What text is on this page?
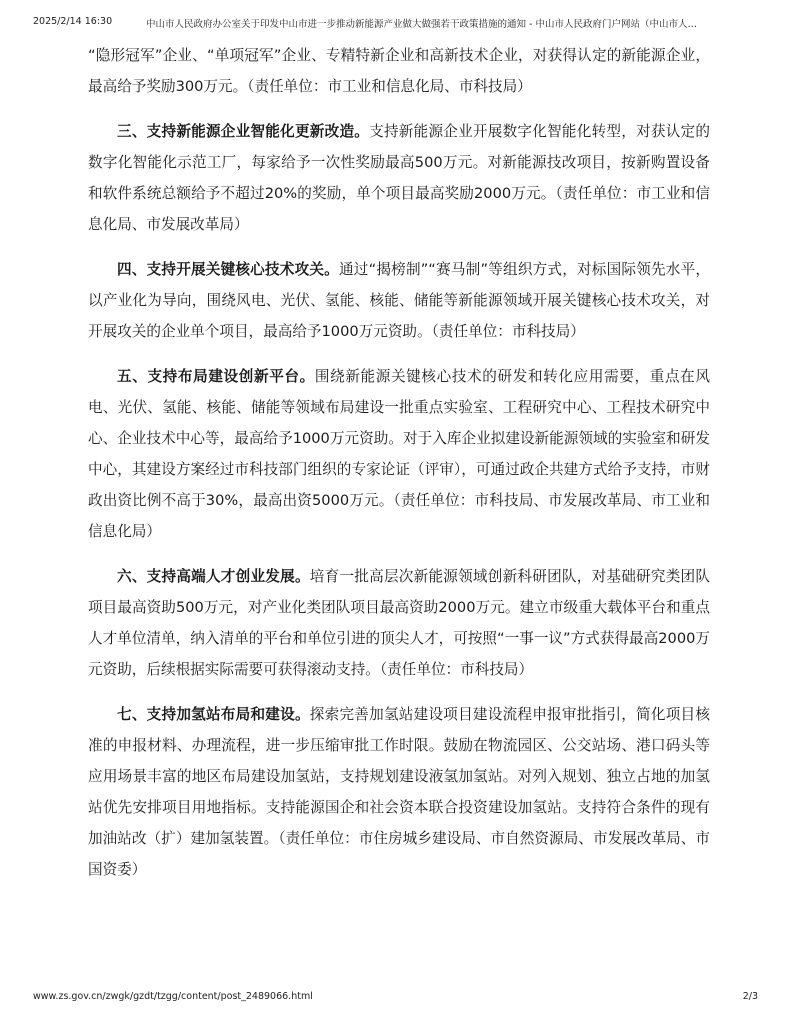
2025/2/14 16:30	中山市人民政府办公室关于印发中山市进一步推动新能源产业做大做强若干政策措施的通知 - 中山市人民政府门户网站（中山市人…

“隐形冠军”企业、“单项冠军”企业、专精特新企业和高新技术企业，对获得认定的新能源企业，最高给予奖励300万元。（责任单位：市工业和信息化局、市科技局）

三、支持新能源企业智能化更新改造。支持新能源企业开展数字化智能化转型，对获认定的数字化智能化示范工厂，每家给予一次性奖励最高500万元。对新能源技改项目，按新购置设备和软件系统总额给予不超过20%的奖励，单个项目最高奖励2000万元。（责任单位：市工业和信息化局、市发展改革局）

四、支持开展关键核心技术攻关。通过“揭榜制”“赛马制”等组织方式，对标国际领先水平，以产业化为导向，围绕风电、光伏、氢能、核能、储能等新能源领域开展关键核心技术攻关，对开展攻关的企业单个项目，最高给予1000万元资助。（责任单位：市科技局）

五、支持布局建设创新平台。围绕新能源关键核心技术的研发和转化应用需要，重点在风电、光伏、氢能、核能、储能等领域布局建设一批重点实验室、工程研究中心、工程技术研究中心、企业技术中心等，最高给予1000万元资助。对于入库企业拟建设新能源领域的实验室和研发中心，其建设方案经过市科技部门组织的专家论证（评审），可通过政企共建方式给予支持，市财政出资比例不高于30%，最高出资5000万元。（责任单位：市科技局、市发展改革局、市工业和信息化局）

六、支持高端人才创业发展。培育一批高层次新能源领域创新科研团队，对基础研究类团队项目最高资助500万元，对产业化类团队项目最高资助2000万元。建立市级重大载体平台和重点人才单位清单，纳入清单的平台和单位引进的顶尖人才，可按照“一事一议”方式获得最高2000万元资助，后续根据实际需要可获得滚动支持。（责任单位：市科技局）

七、支持加氢站布局和建设。探索完善加氢站建设项目建设流程申报审批指引，简化项目核准的申报材料、办理流程，进一步压缩审批工作时限。鼓励在物流园区、公交站场、港口码头等应用场景丰富的地区布局建设加氢站，支持规划建设液氢加氢站。对列入规划、独立占地的加氢站优先安排项目用地指标。支持能源国企和社会资本联合投资建设加氢站。支持符合条件的现有加油站改（扩）建加氢装置。（责任单位：市住房城乡建设局、市自然资源局、市发展改革局、市国资委）

www.zs.gov.cn/zwgk/gzdt/tzgg/content/post_2489066.html	2/3
